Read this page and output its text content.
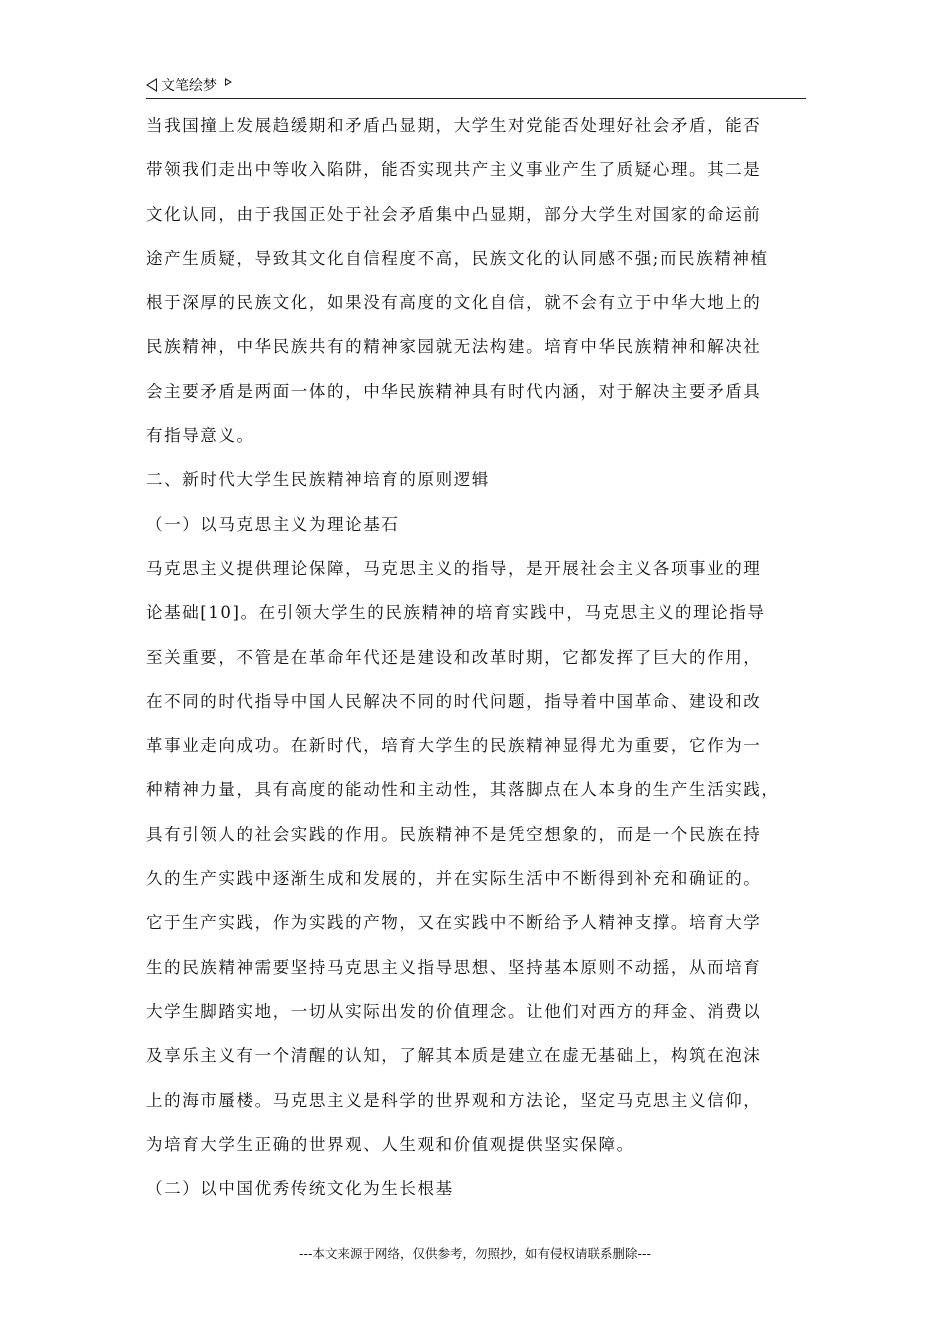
文笔绘梦
当我国撞上发展趋缓期和矛盾凸显期，大学生对党能否处理好社会矛盾，能否
带领我们走出中等收入陷阱，能否实现共产主义事业产生了质疑心理。其二是
文化认同，由于我国正处于社会矛盾集中凸显期，部分大学生对国家的命运前
途产生质疑，导致其文化自信程度不高，民族文化的认同感不强;而民族精神植
根于深厚的民族文化，如果没有高度的文化自信，就不会有立于中华大地上的
民族精神，中华民族共有的精神家园就无法构建。培育中华民族精神和解决社
会主要矛盾是两面一体的，中华民族精神具有时代内涵，对于解决主要矛盾具
有指导意义。
二、新时代大学生民族精神培育的原则逻辑
（一）以马克思主义为理论基石
马克思主义提供理论保障，马克思主义的指导，是开展社会主义各项事业的理
论基础[10]。在引领大学生的民族精神的培育实践中，马克思主义的理论指导
至关重要，不管是在革命年代还是建设和改革时期，它都发挥了巨大的作用，
在不同的时代指导中国人民解决不同的时代问题，指导着中国革命、建设和改
革事业走向成功。在新时代，培育大学生的民族精神显得尤为重要，它作为一
种精神力量，具有高度的能动性和主动性，其落脚点在人本身的生产生活实践，
具有引领人的社会实践的作用。民族精神不是凭空想象的，而是一个民族在持
久的生产实践中逐渐生成和发展的，并在实际生活中不断得到补充和确证的。
它于生产实践，作为实践的产物，又在实践中不断给予人精神支撑。培育大学
生的民族精神需要坚持马克思主义指导思想、坚持基本原则不动摇，从而培育
大学生脚踏实地，一切从实际出发的价值理念。让他们对西方的拜金、消费以
及享乐主义有一个清醒的认知，了解其本质是建立在虚无基础上，构筑在泡沫
上的海市蜃楼。马克思主义是科学的世界观和方法论，坚定马克思主义信仰，
为培育大学生正确的世界观、人生观和价值观提供坚实保障。
（二）以中国优秀传统文化为生长根基
---本文来源于网络，仅供参考，勿照抄，如有侵权请联系删除---
